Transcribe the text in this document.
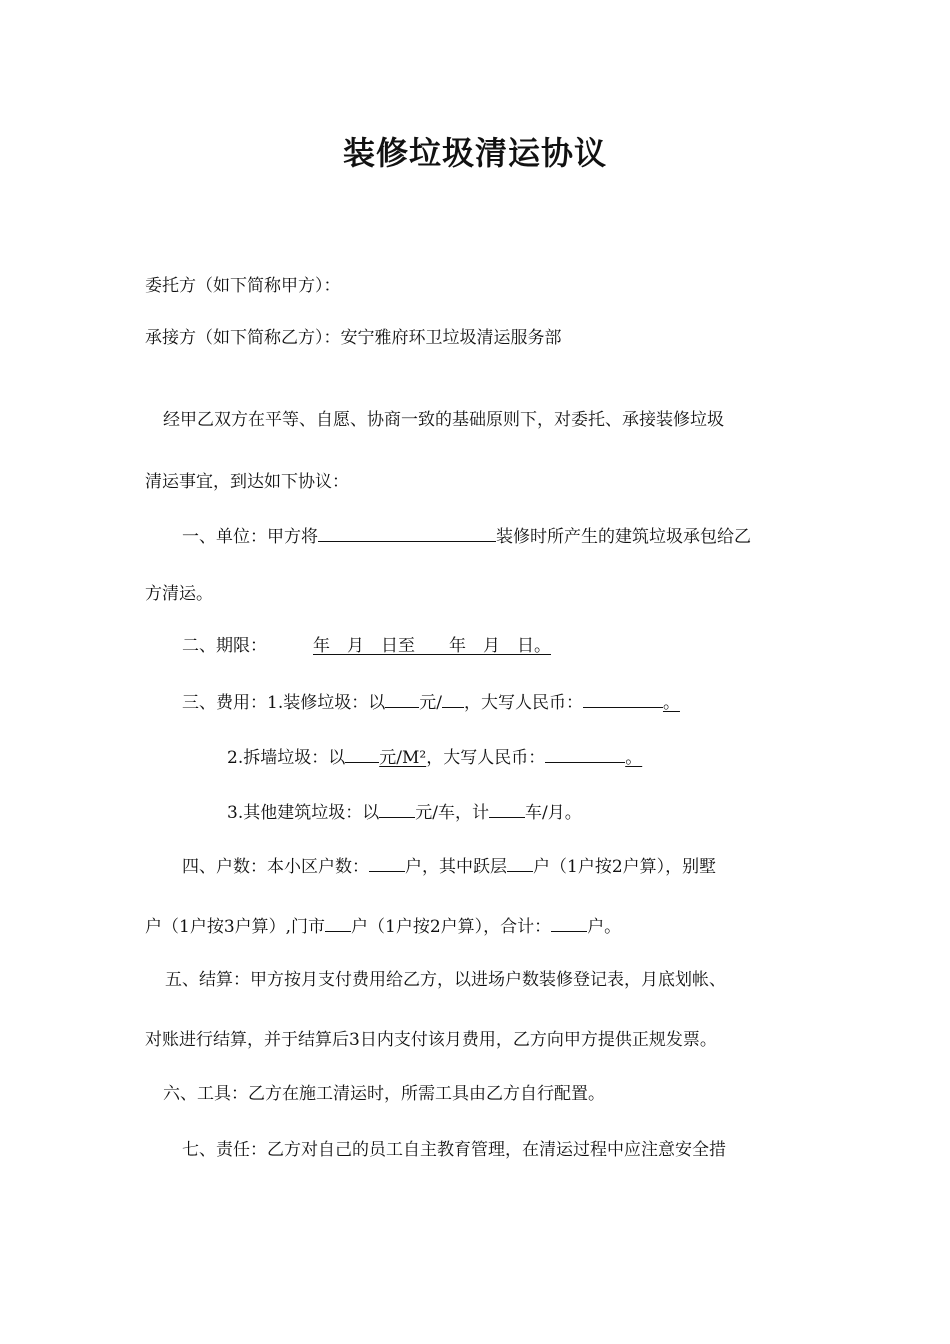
装修垃圾清运协议
委托方（如下简称甲方）：
承接方（如下简称乙方）：安宁雅府环卫垃圾清运服务部
经甲乙双方在平等、自愿、协商一致的基础原则下，对委托、承接装修垃圾
清运事宜，到达如下协议：
一、单位：甲方将	装修时所产生的建筑垃圾承包给乙
方清运。
二、期限：	年　月　日至　　年　月　日。
三、费用：1.装修垃圾：以 元/ ，大写人民币：	。
2.拆墙垃圾：以 元/M²，大写人民币：	。
3.其他建筑垃圾：以 元/车，计 车/月。
四、户数：本小区户数： 户，其中跃层 户（1户按2户算），别墅
户（1户按3户算）,门市 户（1户按2户算），合计： 户。
五、结算：甲方按月支付费用给乙方，以进场户数装修登记表，月底划帐、
对账进行结算，并于结算后3日内支付该月费用，乙方向甲方提供正规发票。
六、工具：乙方在施工清运时，所需工具由乙方自行配置。
七、责任：乙方对自己的员工自主教育管理，在清运过程中应注意安全措
